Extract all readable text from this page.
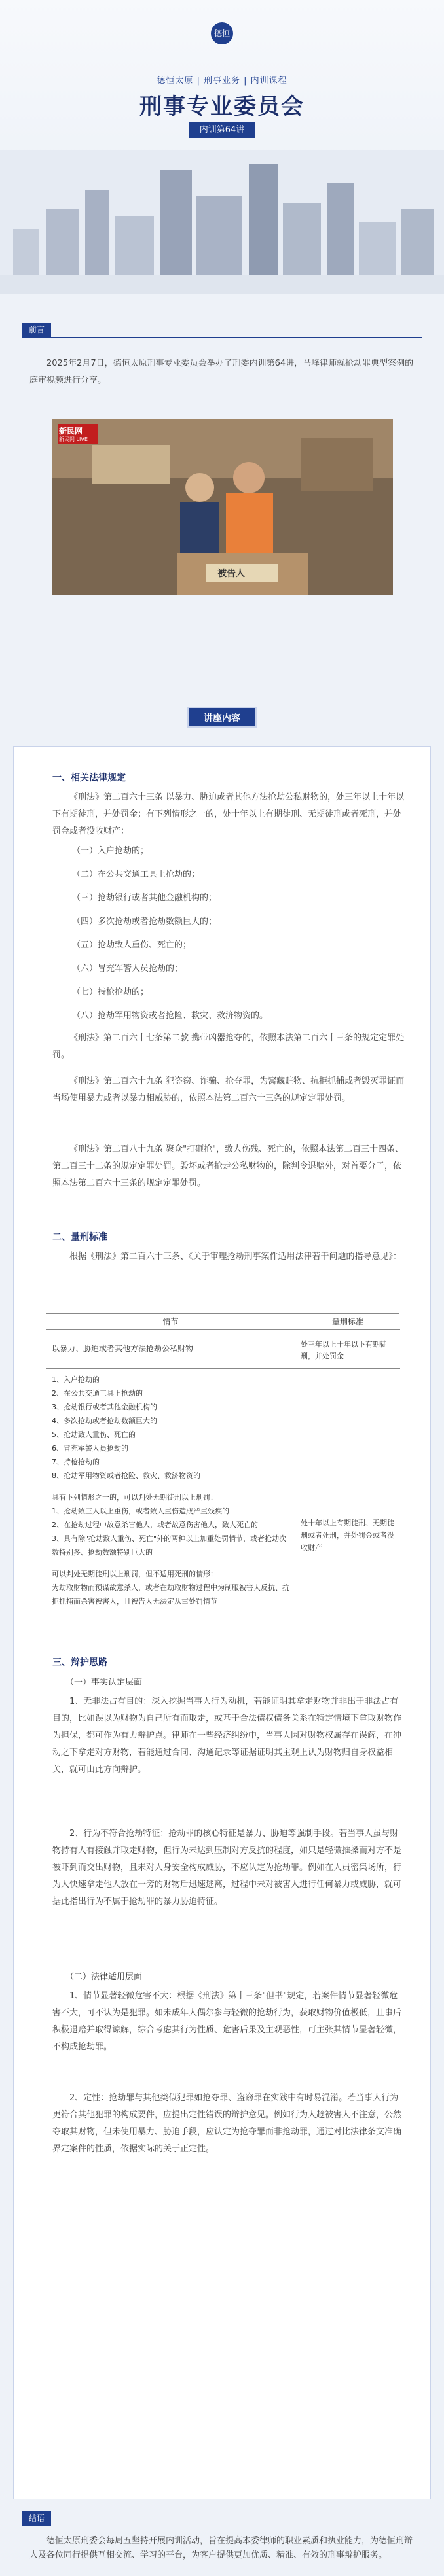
德恒
德恒太原 | 刑事业务 | 内训课程
刑事专业委员会
内训第64讲
前言
2025年2月7日，德恒太原刑事专业委员会举办了刑委内训第64讲，马峰律师就抢劫罪典型案例的庭审视频进行分享。
新民网
新民网 LIVE
被告人
讲座内容
一、相关法律规定
《刑法》第二百六十三条 以暴力、胁迫或者其他方法抢劫公私财物的，处三年以上十年以下有期徒刑，并处罚金；有下列情形之一的，处十年以上有期徒刑、无期徒刑或者死刑，并处罚金或者没收财产：
（一）入户抢劫的；
（二）在公共交通工具上抢劫的；
（三）抢劫银行或者其他金融机构的；
（四）多次抢劫或者抢劫数额巨大的；
（五）抢劫致人重伤、死亡的；
（六）冒充军警人员抢劫的；
（七）持枪抢劫的；
（八）抢劫军用物资或者抢险、救灾、救济物资的。
《刑法》第二百六十七条第二款 携带凶器抢夺的，依照本法第二百六十三条的规定定罪处罚。
《刑法》第二百六十九条 犯盗窃、诈骗、抢夺罪，为窝藏赃物、抗拒抓捕或者毁灭罪证而当场使用暴力或者以暴力相威胁的，依照本法第二百六十三条的规定定罪处罚。
《刑法》第二百八十九条 聚众"打砸抢"，致人伤残、死亡的，依照本法第二百三十四条、第二百三十二条的规定定罪处罚。毁坏或者抢走公私财物的，除判令退赔外，对首要分子，依照本法第二百六十三条的规定定罪处罚。
二、量刑标准
根据《刑法》第二百六十三条、《关于审理抢劫刑事案件适用法律若干问题的指导意见》：
情节	量刑标准
以暴力、胁迫或者其他方法抢劫公私财物	处三年以上十年以下有期徒刑，并处罚金
1、入户抢劫的
2、在公共交通工具上抢劫的
3、抢劫银行或者其他金融机构的
4、多次抢劫或者抢劫数额巨大的
5、抢劫致人重伤、死亡的
6、冒充军警人员抢劫的
7、持枪抢劫的
8、抢劫军用物资或者抢险、救灾、救济物资的
具有下列情形之一的，可以判处无期徒刑以上刑罚：
1、抢劫致三人以上重伤，或者致人重伤造成严重残疾的
2、在抢劫过程中故意杀害他人，或者故意伤害他人，致人死亡的
3、具有除"抢劫致人重伤、死亡"外的两种以上加重处罚情节，或者抢劫次数特别多、抢劫数额特别巨大的
可以判处无期徒刑以上刑罚，但不适用死刑的情形：
为劫取财物而预谋故意杀人，或者在劫取财物过程中为制服被害人反抗、抗拒抓捕而杀害被害人，且被告人无法定从重处罚情节
处十年以上有期徒刑、无期徒刑或者死刑，并处罚金或者没收财产
三、辩护思路
（一）事实认定层面
1、无非法占有目的：深入挖掘当事人行为动机，若能证明其拿走财物并非出于非法占有目的，比如误以为财物为自己所有而取走，或基于合法债权债务关系在特定情境下拿取财物作为担保，都可作为有力辩护点。律师在一些经济纠纷中，当事人因对财物权属存在误解，在冲动之下拿走对方财物，若能通过合同、沟通记录等证据证明其主观上认为财物归自身权益相关，就可由此方向辩护。
2、行为不符合抢劫特征：抢劫罪的核心特征是暴力、胁迫等强制手段。若当事人虽与财物持有人有接触并取走财物，但行为未达到压制对方反抗的程度，如只是轻微推搡而对方不是被吓到而交出财物，且未对人身安全构成威胁，不应认定为抢劫罪。例如在人员密集场所，行为人快速拿走他人放在一旁的财物后迅速逃离，过程中未对被害人进行任何暴力或威胁，就可据此指出行为不属于抢劫罪的暴力胁迫特征。
（二）法律适用层面
1、情节显著轻微危害不大：根据《刑法》第十三条"但书"规定，若案件情节显著轻微危害不大，可不认为是犯罪。如未成年人偶尔参与轻微的抢劫行为，获取财物价值极低，且事后积极退赔并取得谅解，综合考虑其行为性质、危害后果及主观恶性，可主张其情节显著轻微，不构成抢劫罪。
2、定性：抢劫罪与其他类似犯罪如抢夺罪、盗窃罪在实践中有时易混淆。若当事人行为更符合其他犯罪的构成要件，应提出定性错误的辩护意见。例如行为人趁被害人不注意，公然夺取其财物，但未使用暴力、胁迫手段，应认定为抢夺罪而非抢劫罪，通过对比法律条文准确界定案件的性质，依据实际的关于正定性。
结语
德恒太原刑委会每周五坚持开展内训活动，旨在提高本委律师的职业素质和执业能力，为德恒刑辩人及各位同行提供互相交流、学习的平台，为客户提供更加优质、精准、有效的刑事辩护服务。
